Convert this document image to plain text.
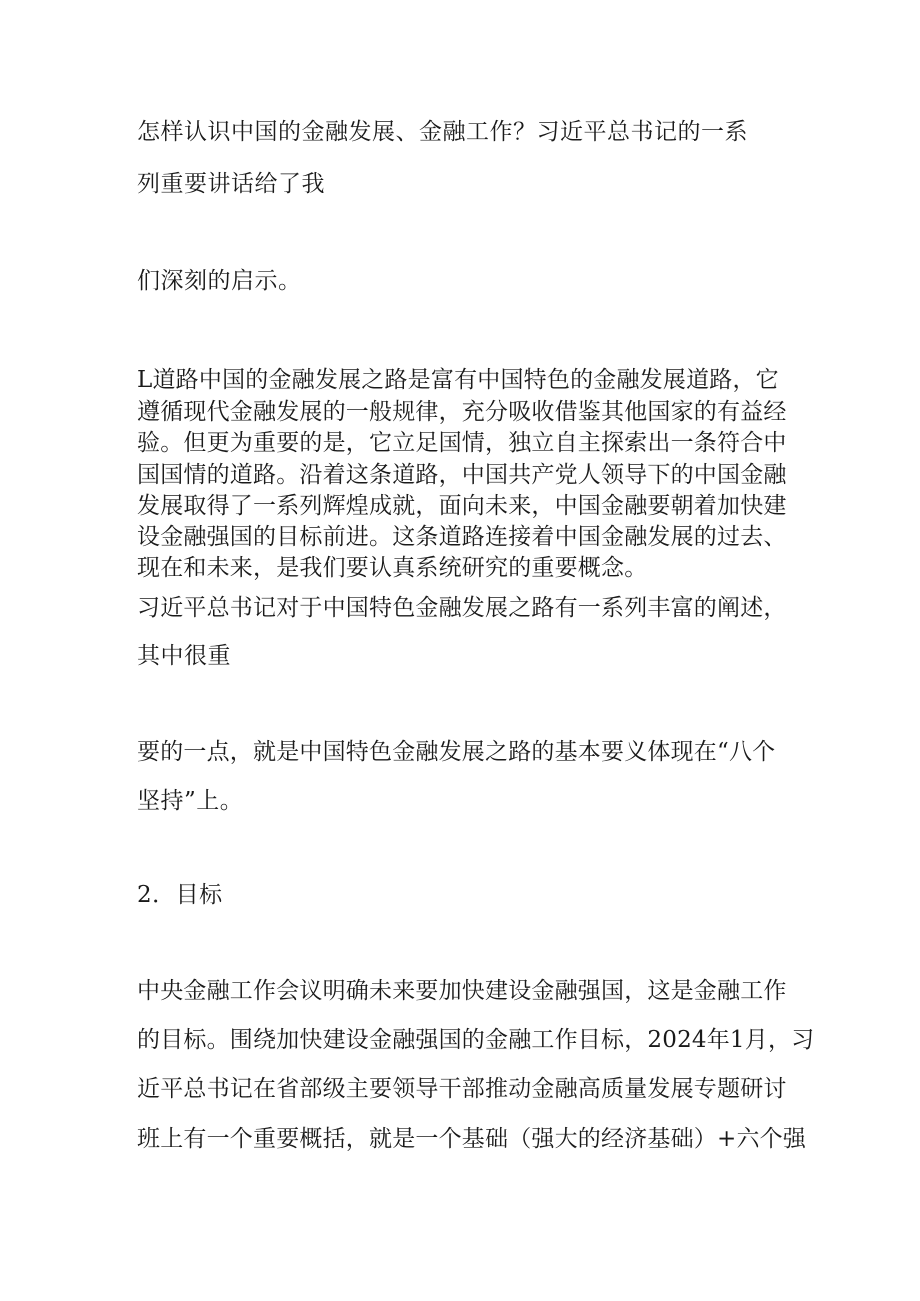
怎样认识中国的金融发展、金融工作？习近平总书记的一系
列重要讲话给了我
们深刻的启示。
L道路中国的金融发展之路是富有中国特色的金融发展道路，它
遵循现代金融发展的一般规律，充分吸收借鉴其他国家的有益经
验。但更为重要的是，它立足国情，独立自主探索出一条符合中
国国情的道路。沿着这条道路，中国共产党人领导下的中国金融
发展取得了一系列辉煌成就，面向未来，中国金融要朝着加快建
设金融强国的目标前进。这条道路连接着中国金融发展的过去、
现在和未来，是我们要认真系统研究的重要概念。
习近平总书记对于中国特色金融发展之路有一系列丰富的阐述，
其中很重
要的一点，就是中国特色金融发展之路的基本要义体现在“八个
坚持”上。
2．目标
中央金融工作会议明确未来要加快建设金融强国，这是金融工作
的目标。围绕加快建设金融强国的金融工作目标，2024年1月，习
近平总书记在省部级主要领导干部推动金融高质量发展专题研讨
班上有一个重要概括，就是一个基础（强大的经济基础）+六个强
